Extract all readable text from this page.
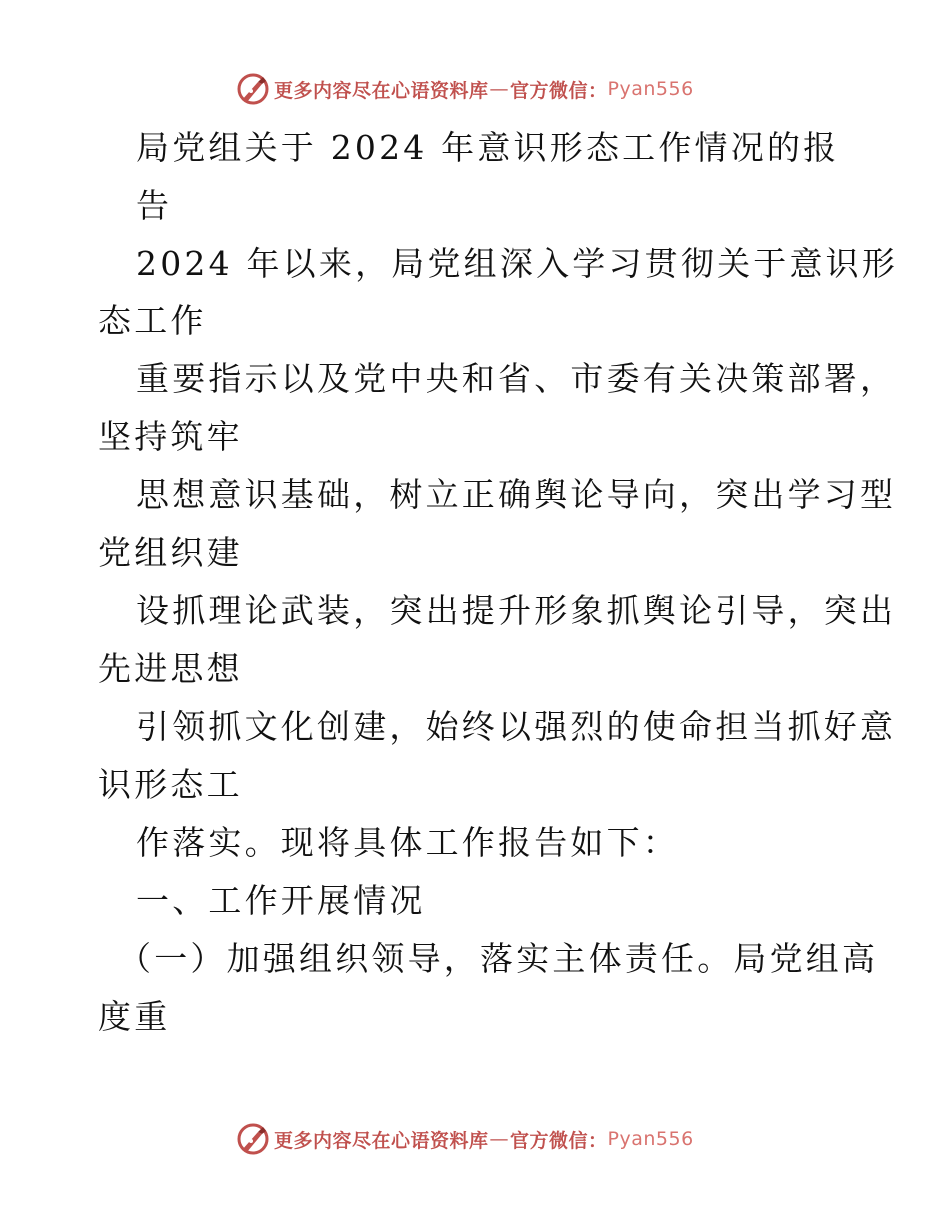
更多内容尽在心语资料库 — 官方微信： Pyan556
局党组关于 2024 年意识形态工作情况的报
告
2024 年以来，局党组深入学习贯彻关于意识形
态工作
重要指示以及党中央和省、市委有关决策部署，
坚持筑牢
思想意识基础，树立正确舆论导向，突出学习型
党组织建
设抓理论武装，突出提升形象抓舆论引导，突出
先进思想
引领抓文化创建，始终以强烈的使命担当抓好意
识形态工
作落实。现将具体工作报告如下：
一、工作开展情况
（一）加强组织领导，落实主体责任。局党组高
度重
更多内容尽在心语资料库 — 官方微信： Pyan556
